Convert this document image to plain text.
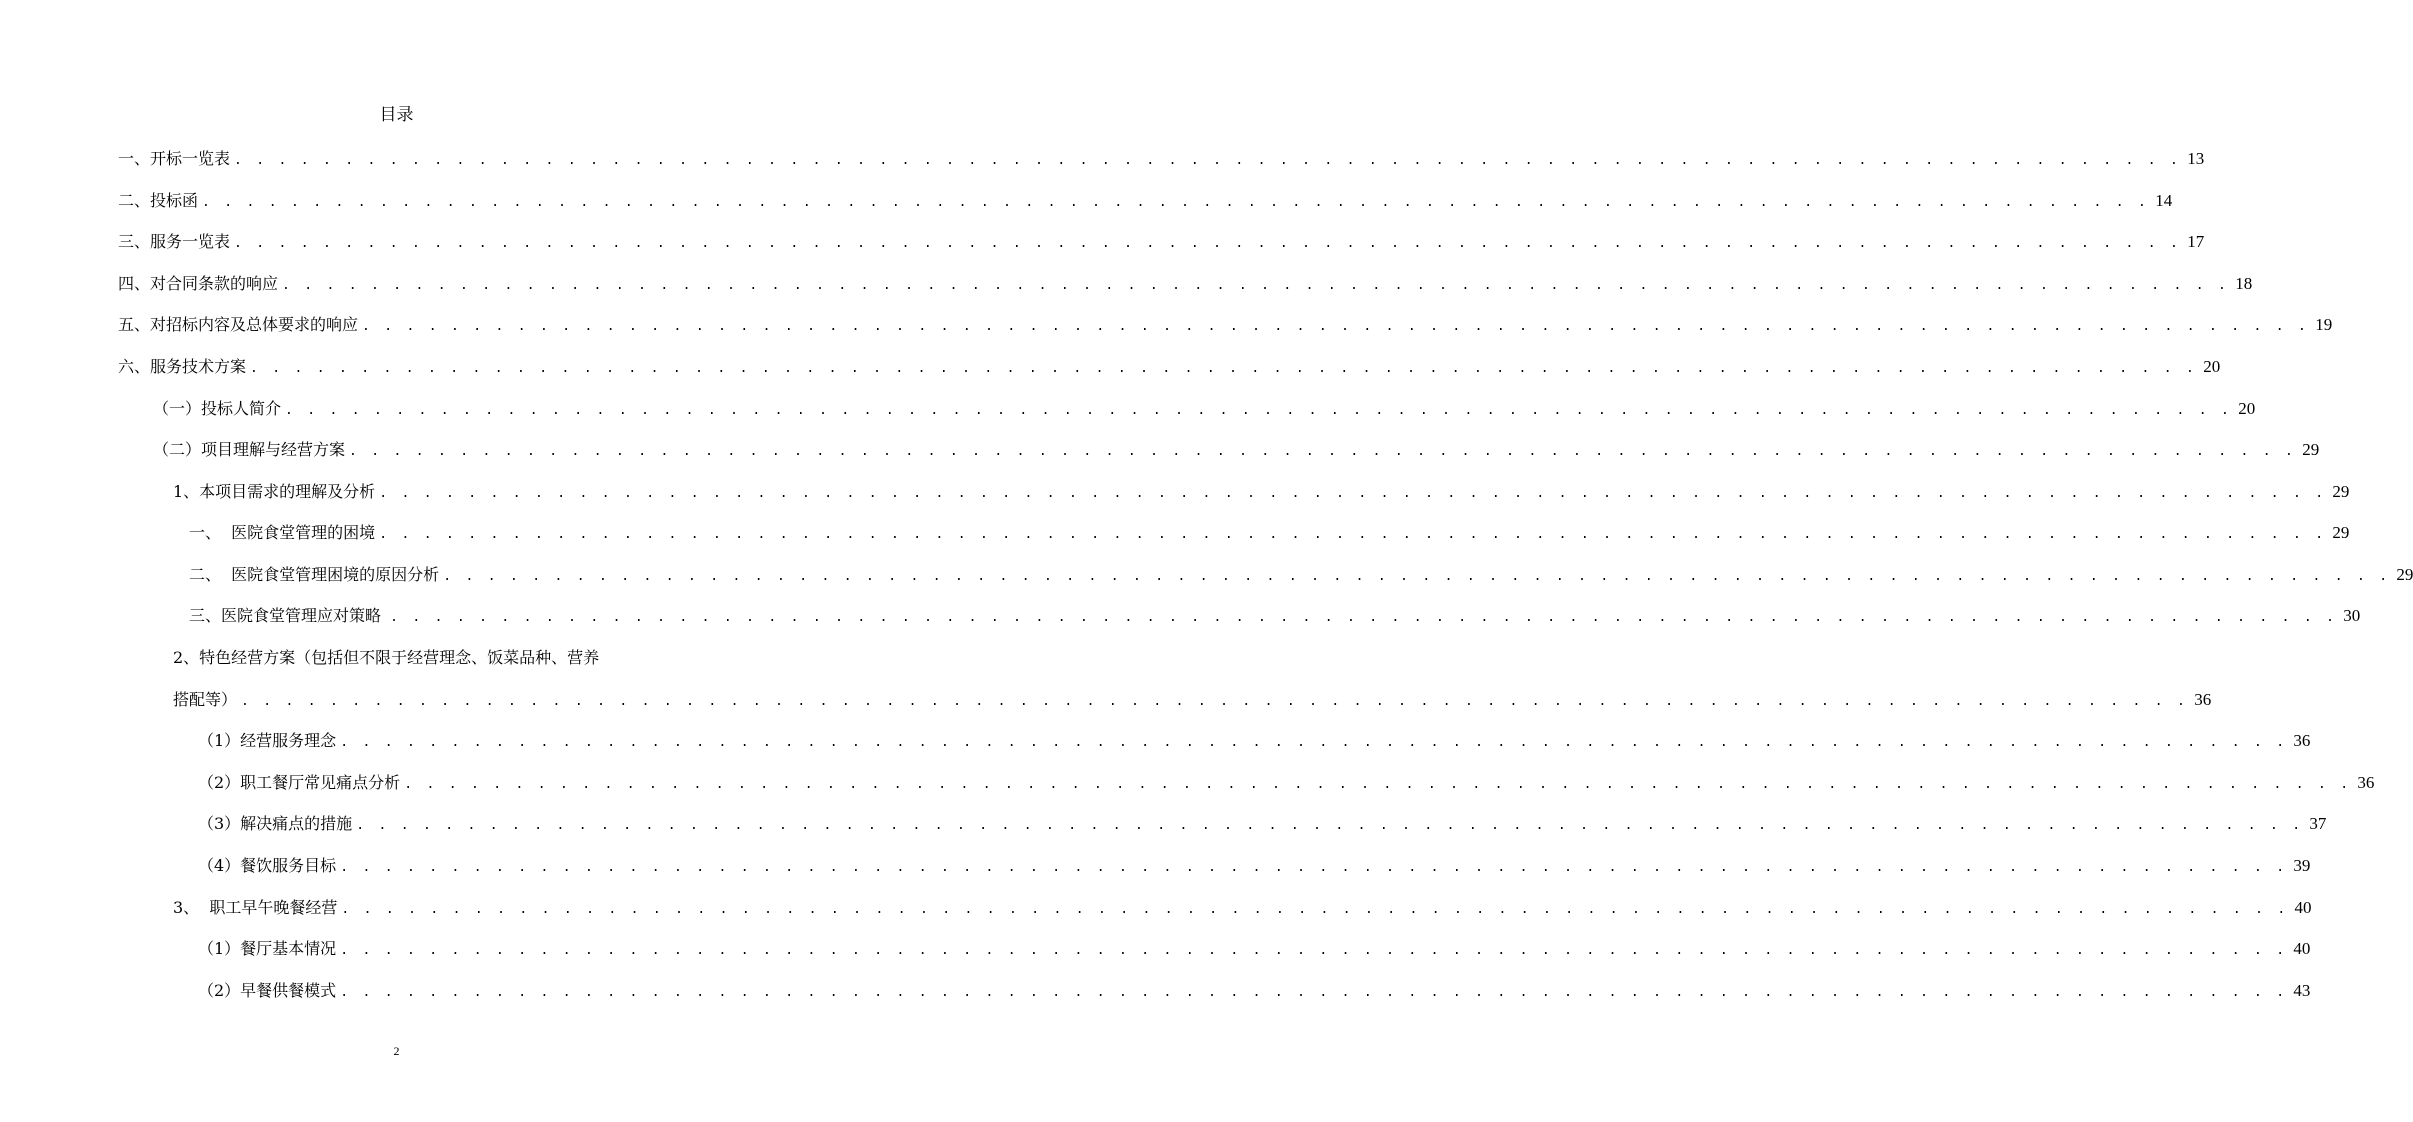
目录
一、开标一览表 . . . . . . . . . . . . . . . . . . . . . . . . . . . . . . . . . . . . . . . . . . . . . . . . . . . . . . . . . . . . . . . . . . . . . . . . . . . . . . . . . . . . . . . . 13
二、投标函 . . . . . . . . . . . . . . . . . . . . . . . . . . . . . . . . . . . . . . . . . . . . . . . . . . . . . . . . . . . . . . . . . . . . . . . . . . . . . . . . . . . . . . . . 14
三、服务一览表 . . . . . . . . . . . . . . . . . . . . . . . . . . . . . . . . . . . . . . . . . . . . . . . . . . . . . . . . . . . . . . . . . . . . . . . . . . . . . . . . . . . . . . . . 17
四、对合同条款的响应 . . . . . . . . . . . . . . . . . . . . . . . . . . . . . . . . . . . . . . . . . . . . . . . . . . . . . . . . . . . . . . . . . . . . . . . . . . . . . . . . . . . . . . . . 18
五、对招标内容及总体要求的响应 . . . . . . . . . . . . . . . . . . . . . . . . . . . . . . . . . . . . . . . . . . . . . . . . . . . . . . . . . . . . . . . . . . . . . . . . . . . . . . . . . . . . . . . . 19
六、服务技术方案 . . . . . . . . . . . . . . . . . . . . . . . . . . . . . . . . . . . . . . . . . . . . . . . . . . . . . . . . . . . . . . . . . . . . . . . . . . . . . . . . . . . . . . . . 20
（一）投标人简介 . . . . . . . . . . . . . . . . . . . . . . . . . . . . . . . . . . . . . . . . . . . . . . . . . . . . . . . . . . . . . . . . . . . . . . . . . . . . . . . . . . . . . . . . 20
（二）项目理解与经营方案 . . . . . . . . . . . . . . . . . . . . . . . . . . . . . . . . . . . . . . . . . . . . . . . . . . . . . . . . . . . . . . . . . . . . . . . . . . . . . . . . . . . . . . . . 29
1、本项目需求的理解及分析 . . . . . . . . . . . . . . . . . . . . . . . . . . . . . . . . . . . . . . . . . . . . . . . . . . . . . . . . . . . . . . . . . . . . . . . . . . . . . . . . . . . . . . . . 29
一、  医院食堂管理的困境 . . . . . . . . . . . . . . . . . . . . . . . . . . . . . . . . . . . . . . . . . . . . . . . . . . . . . . . . . . . . . . . . . . . . . . . . . . . . . . . . . . . . . . . . 29
二、  医院食堂管理困境的原因分析 . . . . . . . . . . . . . . . . . . . . . . . . . . . . . . . . . . . . . . . . . . . . . . . . . . . . . . . . . . . . . . . . . . . . . . . . . . . . . . . . . . . . . . . . 29
三、医院食堂管理应对策略 . . . . . . . . . . . . . . . . . . . . . . . . . . . . . . . . . . . . . . . . . . . . . . . . . . . . . . . . . . . . . . . . . . . . . . . . . . . . . . . . . . . . . . . . 30
2、特色经营方案（包括但不限于经营理念、饭菜品种、营养
搭配等） . . . . . . . . . . . . . . . . . . . . . . . . . . . . . . . . . . . . . . . . . . . . . . . . . . . . . . . . . . . . . . . . . . . . . . . . . . . . . . . . . . . . . . . . 36
（1）经营服务理念 . . . . . . . . . . . . . . . . . . . . . . . . . . . . . . . . . . . . . . . . . . . . . . . . . . . . . . . . . . . . . . . . . . . . . . . . . . . . . . . . . . . . . . . . 36
（2）职工餐厅常见痛点分析 . . . . . . . . . . . . . . . . . . . . . . . . . . . . . . . . . . . . . . . . . . . . . . . . . . . . . . . . . . . . . . . . . . . . . . . . . . . . . . . . . . . . . . . . 36
（3）解决痛点的措施 . . . . . . . . . . . . . . . . . . . . . . . . . . . . . . . . . . . . . . . . . . . . . . . . . . . . . . . . . . . . . . . . . . . . . . . . . . . . . . . . . . . . . . . . 37
（4）餐饮服务目标 . . . . . . . . . . . . . . . . . . . . . . . . . . . . . . . . . . . . . . . . . . . . . . . . . . . . . . . . . . . . . . . . . . . . . . . . . . . . . . . . . . . . . . . . 39
3、  职工早午晚餐经营 . . . . . . . . . . . . . . . . . . . . . . . . . . . . . . . . . . . . . . . . . . . . . . . . . . . . . . . . . . . . . . . . . . . . . . . . . . . . . . . . . . . . . . . . 40
（1）餐厅基本情况 . . . . . . . . . . . . . . . . . . . . . . . . . . . . . . . . . . . . . . . . . . . . . . . . . . . . . . . . . . . . . . . . . . . . . . . . . . . . . . . . . . . . . . . . 40
（2）早餐供餐模式 . . . . . . . . . . . . . . . . . . . . . . . . . . . . . . . . . . . . . . . . . . . . . . . . . . . . . . . . . . . . . . . . . . . . . . . . . . . . . . . . . . . . . . . . 43
2
